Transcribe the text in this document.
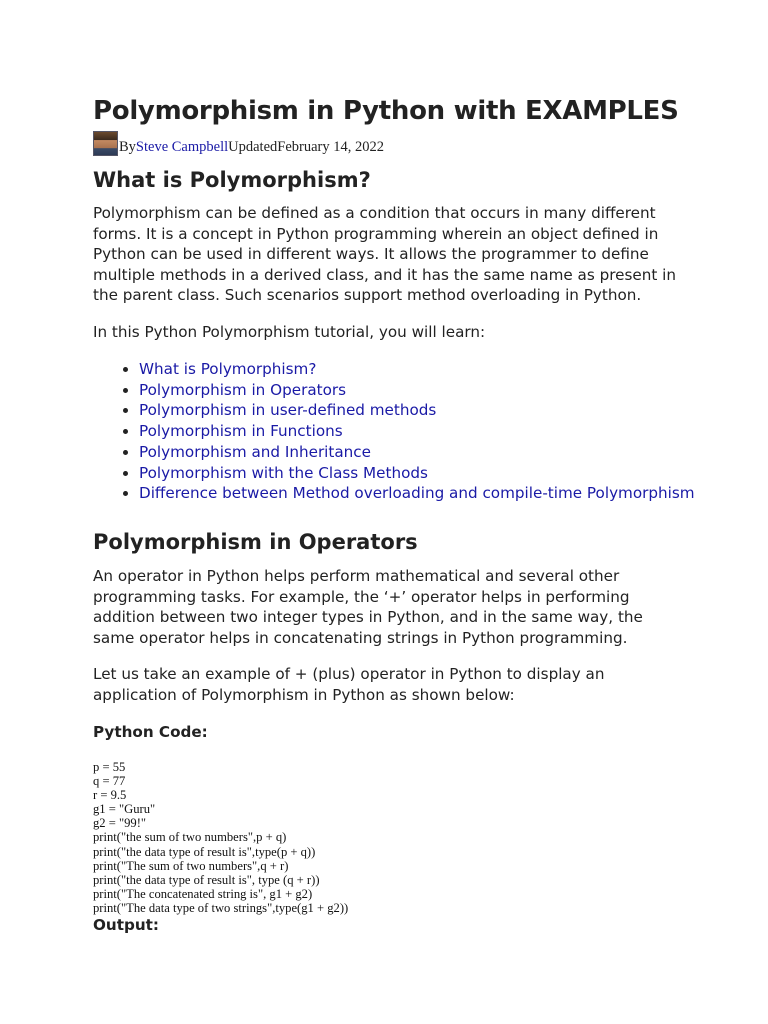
Polymorphism in Python with EXAMPLES
By Steve Campbell Updated February 14, 2022
What is Polymorphism?

Polymorphism can be defined as a condition that occurs in many different forms. It is a concept in Python programming wherein an object defined in Python can be used in different ways. It allows the programmer to define multiple methods in a derived class, and it has the same name as present in the parent class. Such scenarios support method overloading in Python.

In this Python Polymorphism tutorial, you will learn:

• What is Polymorphism?
• Polymorphism in Operators
• Polymorphism in user-defined methods
• Polymorphism in Functions
• Polymorphism and Inheritance
• Polymorphism with the Class Methods
• Difference between Method overloading and compile-time Polymorphism
Polymorphism in Operators

An operator in Python helps perform mathematical and several other programming tasks. For example, the ‘+’ operator helps in performing addition between two integer types in Python, and in the same way, the same operator helps in concatenating strings in Python programming.

Let us take an example of + (plus) operator in Python to display an application of Polymorphism in Python as shown below:

Python Code:
p = 55
q = 77
r = 9.5
g1 = "Guru"
g2 = "99!"
print("the sum of two numbers",p + q)
print("the data type of result is",type(p + q))
print("The sum of two numbers",q + r)
print("the data type of result is", type (q + r))
print("The concatenated string is", g1 + g2)
print("The data type of two strings",type(g1 + g2))
Output:
